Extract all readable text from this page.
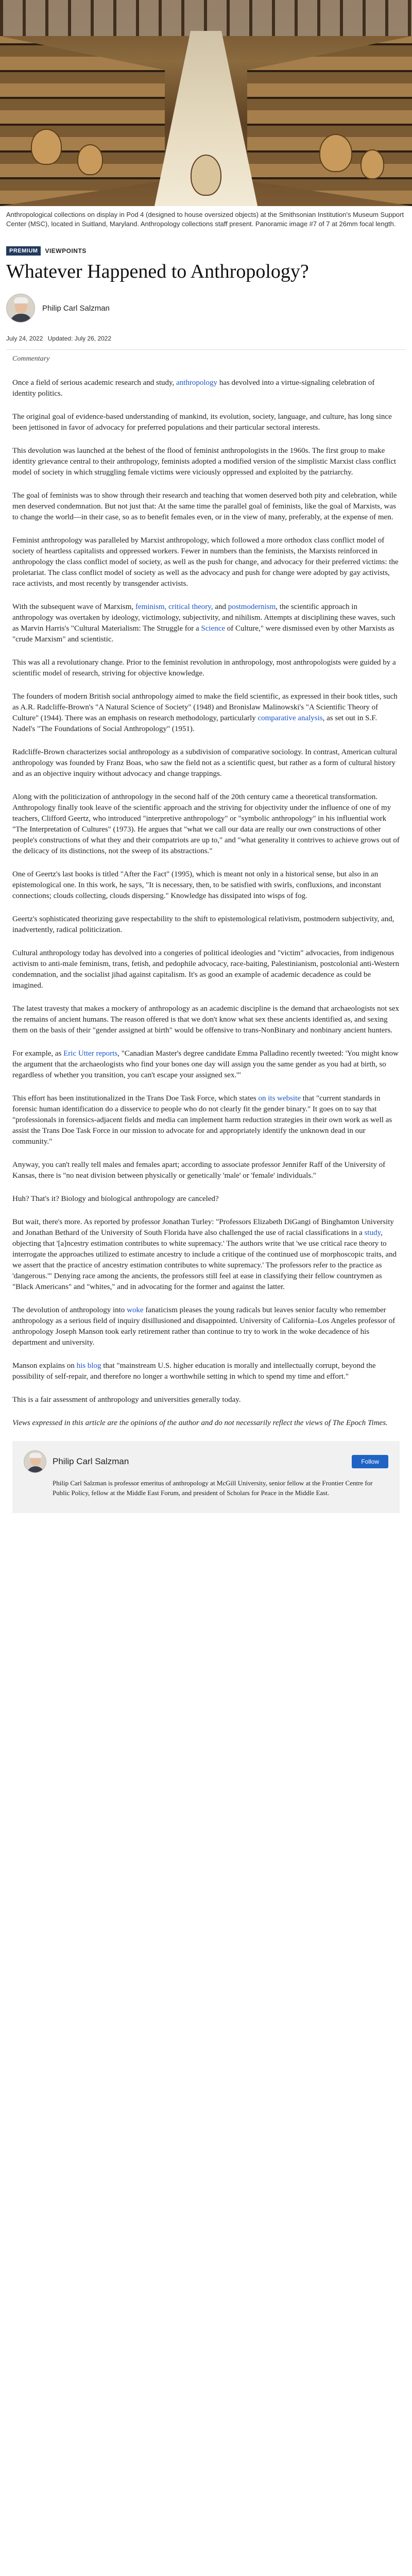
Anthropological collections on display in Pod 4 (designed to house oversized objects) at the Smithsonian Institution's Museum Support Center (MSC), located in Suitland, Maryland. Anthropology collections staff present. Panoramic image #7 of 7 at 26mm focal length.
PREMIUM	VIEWPOINTS
Whatever Happened to Anthropology?
Philip Carl Salzman
July 24, 2022 Updated: July 26, 2022
Commentary

Once a field of serious academic research and study, anthropology has devolved into a virtue-signaling celebration of identity politics.

The original goal of evidence-based understanding of mankind, its evolution, society, language, and culture, has long since been jettisoned in favor of advocacy for preferred populations and their particular sectoral interests.

This devolution was launched at the behest of the flood of feminist anthropologists in the 1960s. The first group to make identity grievance central to their anthropology, feminists adopted a modified version of the simplistic Marxist class conflict model of society in which struggling female victims were viciously oppressed and exploited by the patriarchy.

The goal of feminists was to show through their research and teaching that women deserved both pity and celebration, while men deserved condemnation. But not just that: At the same time the parallel goal of feminists, like the goal of Marxists, was to change the world—in their case, so as to benefit females even, or in the view of many, preferably, at the expense of men.

Feminist anthropology was paralleled by Marxist anthropology, which followed a more orthodox class conflict model of society of heartless capitalists and oppressed workers. Fewer in numbers than the feminists, the Marxists reinforced in anthropology the class conflict model of society, as well as the push for change, and advocacy for their preferred victims: the proletariat. The class conflict model of society as well as the advocacy and push for change were adopted by gay activists, race activists, and most recently by transgender activists.

With the subsequent wave of Marxism, feminism, critical theory, and postmodernism, the scientific approach in anthropology was overtaken by ideology, victimology, subjectivity, and nihilism. Attempts at disciplining these waves, such as Marvin Harris's "Cultural Materialism: The Struggle for a Science of Culture," were dismissed even by other Marxists as "crude Marxism" and scientistic.

This was all a revolutionary change. Prior to the feminist revolution in anthropology, most anthropologists were guided by a scientific model of research, striving for objective knowledge.

The founders of modern British social anthropology aimed to make the field scientific, as expressed in their book titles, such as A.R. Radcliffe-Brown's "A Natural Science of Society" (1948) and Bronislaw Malinowski's "A Scientific Theory of Culture" (1944). There was an emphasis on research methodology, particularly comparative analysis, as set out in S.F. Nadel's "The Foundations of Social Anthropology" (1951).

Radcliffe-Brown characterizes social anthropology as a subdivision of comparative sociology. In contrast, American cultural anthropology was founded by Franz Boas, who saw the field not as a scientific quest, but rather as a form of cultural history and as an objective inquiry without advocacy and change trappings.

Along with the politicization of anthropology in the second half of the 20th century came a theoretical transformation. Anthropology finally took leave of the scientific approach and the striving for objectivity under the influence of one of my teachers, Clifford Geertz, who introduced "interpretive anthropology" or "symbolic anthropology" in his influential work "The Interpretation of Cultures" (1973). He argues that "what we call our data are really our own constructions of other people's constructions of what they and their compatriots are up to," and "what generality it contrives to achieve grows out of the delicacy of its distinctions, not the sweep of its abstractions."

One of Geertz's last books is titled "After the Fact" (1995), which is meant not only in a historical sense, but also in an epistemological one. In this work, he says, "It is necessary, then, to be satisfied with swirls, confluxions, and inconstant connections; clouds collecting, clouds dispersing." Knowledge has dissipated into wisps of fog.

Geertz's sophisticated theorizing gave respectability to the shift to epistemological relativism, postmodern subjectivity, and, inadvertently, radical politicization.

Cultural anthropology today has devolved into a congeries of political ideologies and "victim" advocacies, from indigenous activism to anti-male feminism, trans, fetish, and pedophile advocacy, race-baiting, Palestinianism, postcolonial anti-Western condemnation, and the socialist jihad against capitalism. It's as good an example of academic decadence as could be imagined.

The latest travesty that makes a mockery of anthropology as an academic discipline is the demand that archaeologists not sex the remains of ancient humans. The reason offered is that we don't know what sex these ancients identified as, and sexing them on the basis of their "gender assigned at birth" would be offensive to trans-NonBinary and nonbinary ancient hunters.

For example, as Eric Utter reports, "Canadian Master's degree candidate Emma Palladino recently tweeted: 'You might know the argument that the archaeologists who find your bones one day will assign you the same gender as you had at birth, so regardless of whether you transition, you can't escape your assigned sex.'"

This effort has been institutionalized in the Trans Doe Task Force, which states on its website that "current standards in forensic human identification do a disservice to people who do not clearly fit the gender binary." It goes on to say that "professionals in forensics-adjacent fields and media can implement harm reduction strategies in their own work as well as assist the Trans Doe Task Force in our mission to advocate for and appropriately identify the unknown dead in our community."

Anyway, you can't really tell males and females apart; according to associate professor Jennifer Raff of the University of Kansas, there is "no neat division between physically or genetically 'male' or 'female' individuals."

Huh? That's it? Biology and biological anthropology are canceled?

But wait, there's more. As reported by professor Jonathan Turley: "Professors Elizabeth DiGangi of Binghamton University and Jonathan Bethard of the University of South Florida have also challenged the use of racial classifications in a study, objecting that '[a]ncestry estimation contributes to white supremacy.' The authors write that 'we use critical race theory to interrogate the approaches utilized to estimate ancestry to include a critique of the continued use of morphoscopic traits, and we assert that the practice of ancestry estimation contributes to white supremacy.' The professors refer to the practice as 'dangerous.'" Denying race among the ancients, the professors still feel at ease in classifying their fellow countrymen as "Black Americans" and "whites," and in advocating for the former and against the latter.

The devolution of anthropology into woke fanaticism pleases the young radicals but leaves senior faculty who remember anthropology as a serious field of inquiry disillusioned and disappointed. University of California–Los Angeles professor of anthropology Joseph Manson took early retirement rather than continue to try to work in the woke decadence of his department and university.

Manson explains on his blog that "mainstream U.S. higher education is morally and intellectually corrupt, beyond the possibility of self-repair, and therefore no longer a worthwhile setting in which to spend my time and effort."

This is a fair assessment of anthropology and universities generally today.

Views expressed in this article are the opinions of the author and do not necessarily reflect the views of The Epoch Times.

Philip Carl Salzman	Follow
Philip Carl Salzman is professor emeritus of anthropology at McGill University, senior fellow at the Frontier Centre for Public Policy, fellow at the Middle East Forum, and president of Scholars for Peace in the Middle East.
